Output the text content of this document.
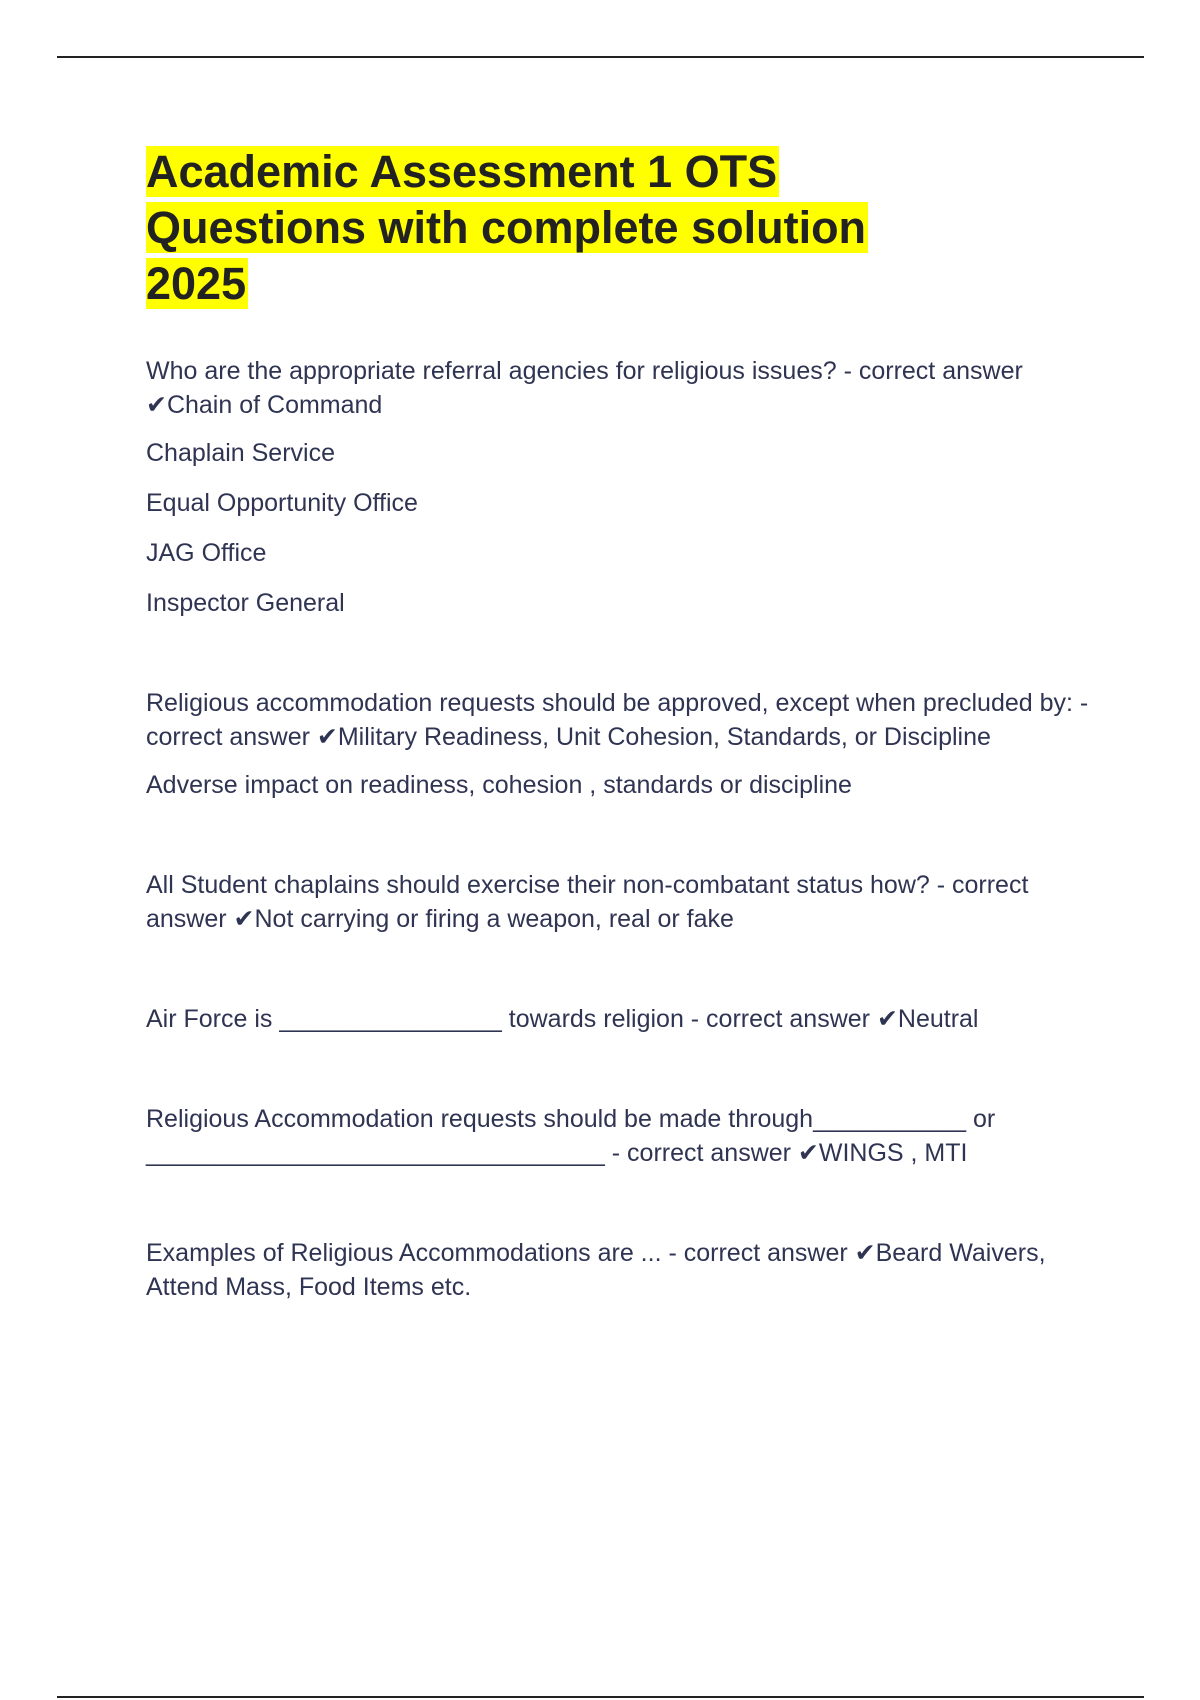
Academic Assessment 1 OTS
Questions with complete solution
2025

Who are the appropriate referral agencies for religious issues? - correct answer ✔Chain of Command

Chaplain Service

Equal Opportunity Office

JAG Office

Inspector General

Religious accommodation requests should be approved, except when precluded by: - correct answer ✔Military Readiness, Unit Cohesion, Standards, or Discipline

Adverse impact on readiness, cohesion , standards or discipline

All Student chaplains should exercise their non-combatant status how? - correct answer ✔Not carrying or firing a weapon, real or fake

Air Force is ________________ towards religion - correct answer ✔Neutral

Religious Accommodation requests should be made through___________ or _________________________________ - correct answer ✔WINGS , MTI

Examples of Religious Accommodations are ... - correct answer ✔Beard Waivers, Attend Mass, Food Items etc.
